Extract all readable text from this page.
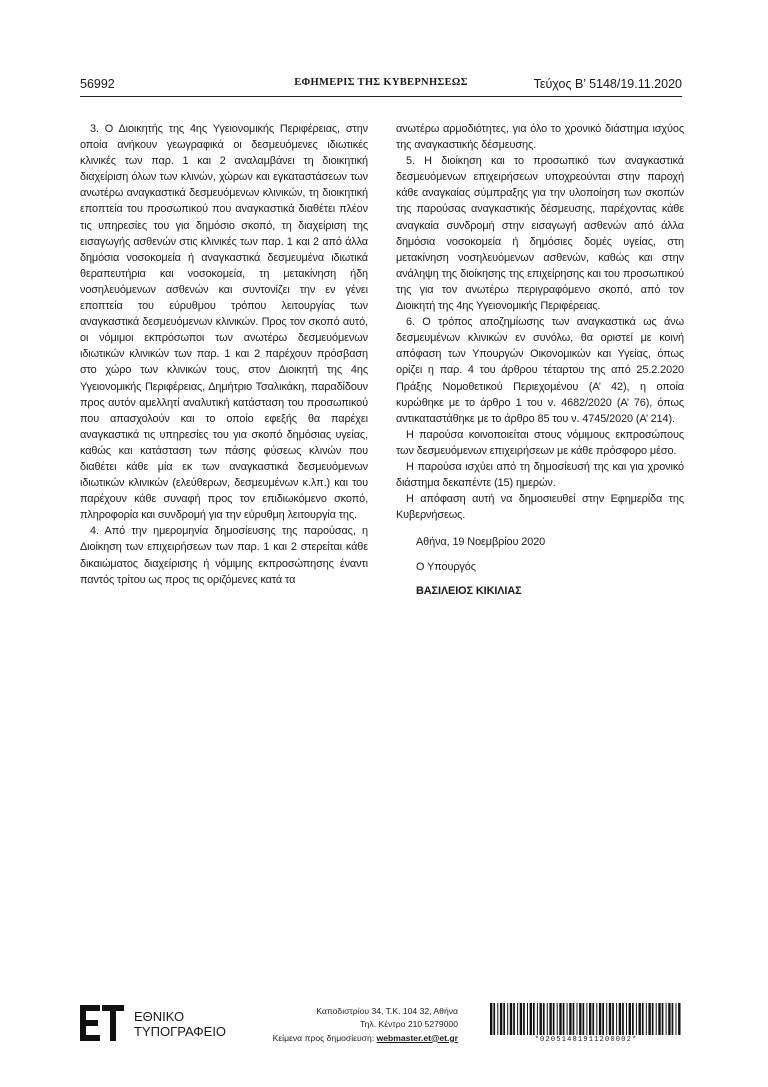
56992	ΕΦΗΜΕΡΙΣ ΤΗΣ ΚΥΒΕΡΝΗΣΕΩΣ	Τεύχος Β’ 5148/19.11.2020

3. Ο Διοικητής της 4ης Υγειονομικής Περιφέρειας, στην οποία ανήκουν γεωγραφικά οι δεσμευόμενες ιδιωτικές κλινικές των παρ. 1 και 2 αναλαμβάνει τη διοικητική διαχείριση όλων των κλινών, χώρων και εγκαταστάσεων των ανωτέρω αναγκαστικά δεσμευόμενων κλινικών, τη διοικητική εποπτεία του προσωπικού που αναγκαστικά διαθέτει πλέον τις υπηρεσίες του για δημόσιο σκοπό, τη διαχείριση της εισαγωγής ασθενών στις κλινικές των παρ. 1 και 2 από άλλα δημόσια νοσοκομεία ή αναγκαστικά δεσμευμένα ιδιωτικά θεραπευτήρια και νοσοκομεία, τη μετακίνηση ήδη νοσηλευόμενων ασθενών και συντονίζει την εν γένει εποπτεία του εύρυθμου τρόπου λειτουργίας των αναγκαστικά δεσμευόμενων κλινικών. Προς τον σκοπό αυτό, οι νόμιμοι εκπρόσωποι των ανωτέρω δεσμευόμενων ιδιωτικών κλινικών των παρ. 1 και 2 παρέχουν πρόσβαση στο χώρο των κλινικών τους, στον Διοικητή της 4ης Υγειονομικής Περιφέρειας, Δημήτριο Τσαλικάκη, παραδίδουν προς αυτόν αμελλητί αναλυτική κατάσταση του προσωπικού που απασχολούν και το οποίο εφεξής θα παρέχει αναγκαστικά τις υπηρεσίες του για σκοπό δημόσιας υγείας, καθώς και κατάσταση των πάσης φύσεως κλινών που διαθέτει κάθε μία εκ των αναγκαστικά δεσμευόμενων ιδιωτικών κλινικών (ελεύθερων, δεσμευμένων κ.λπ.) και του παρέχουν κάθε συναφή προς τον επιδιωκόμενο σκοπό, πληροφορία και συνδρομή για την εύρυθμη λειτουργία της.

4. Από την ημερομηνία δημοσίευσης της παρούσας, η Διοίκηση των επιχειρήσεων των παρ. 1 και 2 στερείται κάθε δικαιώματος διαχείρισης ή νόμιμης εκπροσώπησης έναντι παντός τρίτου ως προς τις οριζόμενες κατά τα

ανωτέρω αρμοδιότητες, για όλο το χρονικό διάστημα ισχύος της αναγκαστικής δέσμευσης.

5. Η διοίκηση και το προσωπικό των αναγκαστικά δεσμευόμενων επιχειρήσεων υποχρεούνται στην παροχή κάθε αναγκαίας σύμπραξης για την υλοποίηση των σκοπών της παρούσας αναγκαστικής δέσμευσης, παρέχοντας κάθε αναγκαία συνδρομή στην εισαγωγή ασθενών από άλλα δημόσια νοσοκομεία ή δημόσιες δομές υγείας, στη μετακίνηση νοσηλευόμενων ασθενών, καθώς και στην ανάληψη της διοίκησης της επιχείρησης και του προσωπικού της για τον ανωτέρω περιγραφόμενο σκοπό, από τον Διοικητή της 4ης Υγειονομικής Περιφέρειας.

6. Ο τρόπος αποζημίωσης των αναγκαστικά ως άνω δεσμευμένων κλινικών εν συνόλω, θα οριστεί με κοινή απόφαση των Υπουργών Οικονομικών και Υγείας, όπως ορίζει η παρ. 4 του άρθρου τέταρτου της από 25.2.2020 Πράξης Νομοθετικού Περιεχομένου (Α’ 42), η οποία κυρώθηκε με το άρθρο 1 του ν. 4682/2020 (Α’ 76), όπως αντικαταστάθηκε με το άρθρο 85 του ν. 4745/2020 (Α’ 214).

Η παρούσα κοινοποιείται στους νόμιμους εκπροσώπους των δεσμευόμενων επιχειρήσεων με κάθε πρόσφορο μέσο.

Η παρούσα ισχύει από τη δημοσίευσή της και για χρονικό διάστημα δεκαπέντε (15) ημερών.

Η απόφαση αυτή να δημοσιευθεί στην Εφημερίδα της Κυβερνήσεως.

Αθήνα, 19 Νοεμβρίου 2020
Ο Υπουργός
ΒΑΣΙΛΕΙΟΣ ΚΙΚΙΛΙΑΣ
ΕΘΝΙΚΟ
ΤΥΠΟΓΡΑΦΕΙΟ
Καποδιστρίου 34, Τ.Κ. 104 32, Αθήνα
Τηλ. Κέντρο 210 5279000
Κείμενα προς δημοσίευση: webmaster.et@et.gr	*02051481911200002*
